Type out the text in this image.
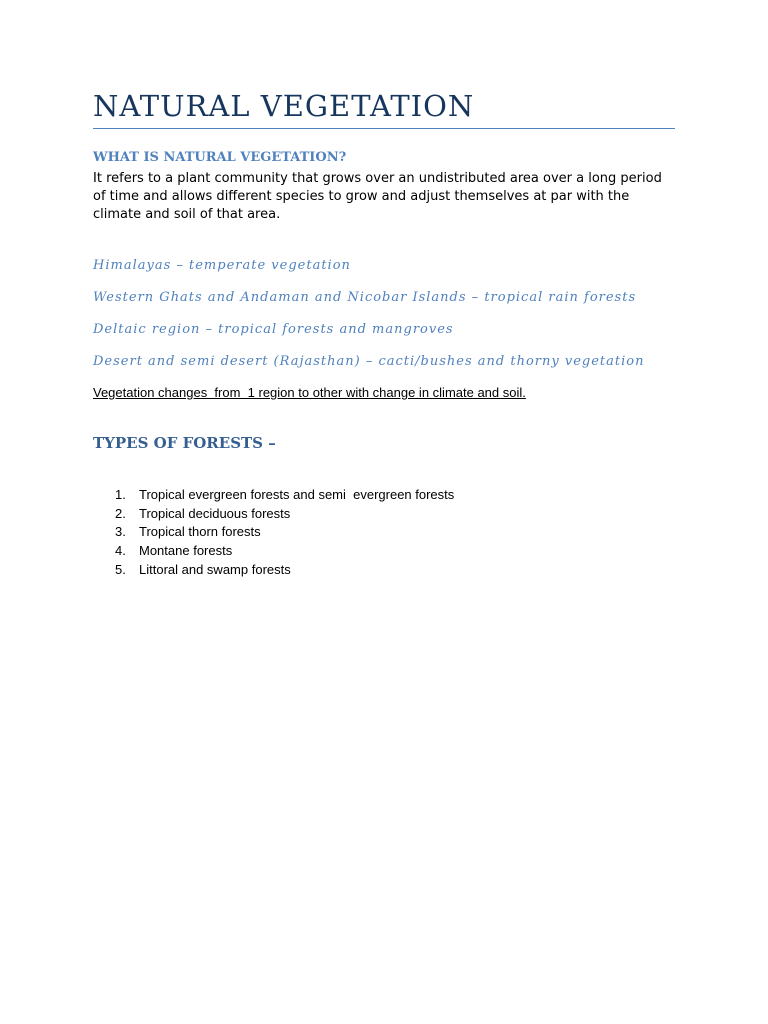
NATURAL VEGETATION
WHAT IS NATURAL VEGETATION?

It refers to a plant community that grows over an undistributed area over a long period of time and allows different species to grow and adjust themselves at par with the climate and soil of that area.

Himalayas – temperate vegetation

Western Ghats and Andaman and Nicobar Islands – tropical rain forests

Deltaic region – tropical forests and mangroves

Desert and semi desert (Rajasthan) – cacti/bushes and thorny vegetation

Vegetation changes  from  1 region to other with change in climate and soil.

TYPES OF FORESTS –

1.

Tropical evergreen forests and semi  evergreen forests

2.

Tropical deciduous forests

3.

Tropical thorn forests

4.

Montane forests

5.

Littoral and swamp forests
